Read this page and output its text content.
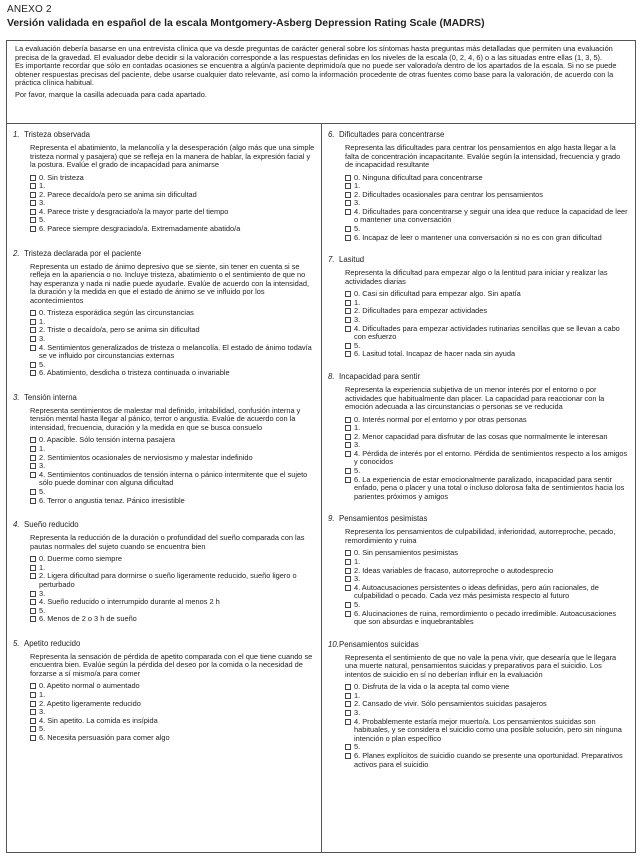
ANEXO 2
Versión validada en español de la escala Montgomery-Asberg Depression Rating Scale (MADRS)

La evaluación debería basarse en una entrevista clínica que va desde preguntas de carácter general sobre los síntomas hasta preguntas más detalladas que permiten una evaluación precisa de la gravedad. El evaluador debe decidir si la valoración corresponde a las respuestas definidas en los niveles de la escala (0, 2, 4, 6) o a las situadas entre ellas (1, 3, 5).

Es importante recordar que sólo en contadas ocasiones se encuentra a algún/a paciente deprimido/a que no puede ser valorado/a dentro de los apartados de la escala. Si no se puede obtener respuestas precisas del paciente, debe usarse cualquier dato relevante, así como la información procedente de otras fuentes como base para la valoración, de acuerdo con la práctica clínica habitual.

Por favor, marque la casilla adecuada para cada apartado.

1. Tristeza observada
Representa el abatimiento, la melancolía y la desesperación (algo más que una simple tristeza normal y pasajera) que se refleja en la manera de hablar, la expresión facial y la postura. Evalúe el grado de incapacidad para animarse
0. Sin tristeza
1.
2. Parece decaído/a pero se anima sin dificultad
3.
4. Parece triste y desgraciado/a la mayor parte del tiempo
5.
6. Parece siempre desgraciado/a. Extremadamente abatido/a
2. Tristeza declarada por el paciente
Representa un estado de ánimo depresivo que se siente, sin tener en cuenta si se refleja en la apariencia o no. Incluye tristeza, abatimiento o el sentimiento de que no hay esperanza y nada ni nadie puede ayudarle. Evalúe de acuerdo con la intensidad, la duración y la medida en que el estado de ánimo se ve influido por los acontecimientos
0. Tristeza esporádica según las circunstancias
1.
2. Triste o decaído/a, pero se anima sin dificultad
3.
4. Sentimientos generalizados de tristeza o melancolía. El estado de ánimo todavía se ve influido por circunstancias externas
5.
6. Abatimiento, desdicha o tristeza continuada o invariable
3. Tensión interna
Representa sentimientos de malestar mal definido, irritabilidad, confusión interna y tensión mental hasta llegar al pánico, terror o angustia. Evalúe de acuerdo con la intensidad, frecuencia, duración y la medida en que se busca consuelo
0. Apacible. Sólo tensión interna pasajera
1.
2. Sentimientos ocasionales de nerviosismo y malestar indefinido
3.
4. Sentimientos continuados de tensión interna o pánico intermitente que el sujeto sólo puede dominar con alguna dificultad
5.
6. Terror o angustia tenaz. Pánico irresistible
4. Sueño reducido
Representa la reducción de la duración o profundidad del sueño comparada con las pautas normales del sujeto cuando se encuentra bien
0. Duerme como siempre
1.
2. Ligera dificultad para dormirse o sueño ligeramente reducido, sueño ligero o perturbado
3.
4. Sueño reducido o interrumpido durante al menos 2 h
5.
6. Menos de 2 o 3 h de sueño
5. Apetito reducido
Representa la sensación de pérdida de apetito comparada con el que tiene cuando se encuentra bien. Evalúe según la pérdida del deseo por la comida o la necesidad de forzarse a sí mismo/a para comer
0. Apetito normal o aumentado
1.
2. Apetito ligeramente reducido
3.
4. Sin apetito. La comida es insípida
5.
6. Necesita persuasión para comer algo
6. Dificultades para concentrarse
Representa las dificultades para centrar los pensamientos en algo hasta llegar a la falta de concentración incapacitante. Evalúe según la intensidad, frecuencia y grado de incapacidad resultante
0. Ninguna dificultad para concentrarse
1.
2. Dificultades ocasionales para centrar los pensamientos
3.
4. Dificultades para concentrarse y seguir una idea que reduce la capacidad de leer o mantener una conversación
5.
6. Incapaz de leer o mantener una conversación si no es con gran dificultad
7. Lasitud
Representa la dificultad para empezar algo o la lentitud para iniciar y realizar las actividades diarias
0. Casi sin dificultad para empezar algo. Sin apatía
1.
2. Dificultades para empezar actividades
3.
4. Dificultades para empezar actividades rutinarias sencillas que se llevan a cabo con esfuerzo
5.
6. Lasitud total. Incapaz de hacer nada sin ayuda
8. Incapacidad para sentir
Representa la experiencia subjetiva de un menor interés por el entorno o por actividades que habitualmente dan placer. La capacidad para reaccionar con la emoción adecuada a las circunstancias o personas se ve reducida
0. Interés normal por el entorno y por otras personas
1.
2. Menor capacidad para disfrutar de las cosas que normalmente le interesan
3.
4. Pérdida de interés por el entorno. Pérdida de sentimientos respecto a los amigos y conocidos
5.
6. La experiencia de estar emocionalmente paralizado, incapacidad para sentir enfado, pena o placer y una total o incluso dolorosa falta de sentimientos hacia los parientes próximos y amigos
9. Pensamientos pesimistas
Representa los pensamientos de culpabilidad, inferioridad, autorreproche, pecado, remordimiento y ruina
0. Sin pensamientos pesimistas
1.
2. Ideas variables de fracaso, autorreproche o autodesprecio
3.
4. Autoacusaciones persistentes o ideas definidas, pero aún racionales, de culpabilidad o pecado. Cada vez más pesimista respecto al futuro
5.
6. Alucinaciones de ruina, remordimiento o pecado irredimible. Autoacusaciones que son absurdas e inquebrantables
10. Pensamientos suicidas
Representa el sentimiento de que no vale la pena vivir, que desearía que le llegara una muerte natural, pensamientos suicidas y preparativos para el suicidio. Los intentos de suicidio en sí no deberían influir en la evaluación
0. Disfruta de la vida o la acepta tal como viene
1.
2. Cansado de vivir. Sólo pensamientos suicidas pasajeros
3.
4. Probablemente estaría mejor muerto/a. Los pensamientos suicidas son habituales, y se considera el suicidio como una posible solución, pero sin ninguna intención o plan específico
5.
6. Planes explícitos de suicidio cuando se presente una oportunidad. Preparativos activos para el suicidio
